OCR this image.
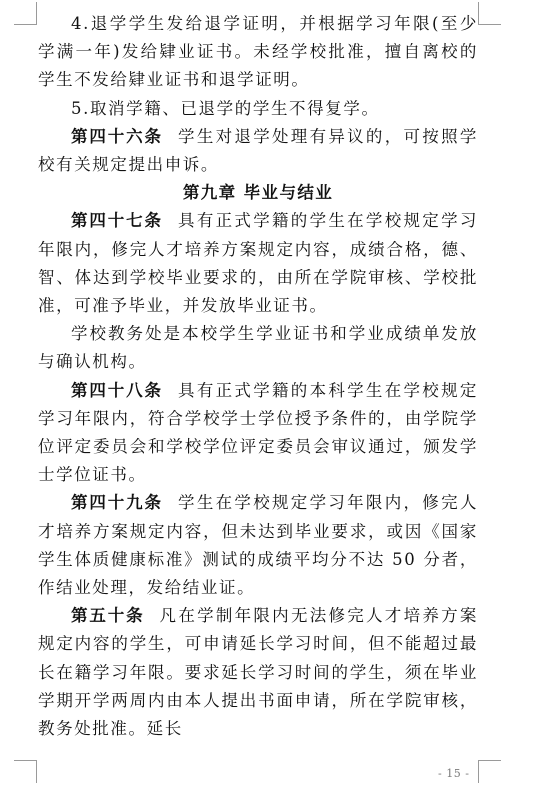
4.退学学生发给退学证明，并根据学习年限(至少学满一年)发给肄业证书。未经学校批准，擅自离校的学生不发给肄业证书和退学证明。

5.取消学籍、已退学的学生不得复学。

第四十六条 学生对退学处理有异议的，可按照学校有关规定提出申诉。

第九章 毕业与结业

第四十七条 具有正式学籍的学生在学校规定学习年限内，修完人才培养方案规定内容，成绩合格，德、智、体达到学校毕业要求的，由所在学院审核、学校批准，可准予毕业，并发放毕业证书。

学校教务处是本校学生学业证书和学业成绩单发放与确认机构。

第四十八条 具有正式学籍的本科学生在学校规定学习年限内，符合学校学士学位授予条件的，由学院学位评定委员会和学校学位评定委员会审议通过，颁发学士学位证书。

第四十九条 学生在学校规定学习年限内，修完人才培养方案规定内容，但未达到毕业要求，或因《国家学生体质健康标准》测试的成绩平均分不达 50 分者，作结业处理，发给结业证。

第五十条 凡在学制年限内无法修完人才培养方案规定内容的学生，可申请延长学习时间，但不能超过最长在籍学习年限。要求延长学习时间的学生，须在毕业学期开学两周内由本人提出书面申请，所在学院审核，教务处批准。延长

- 15 -
